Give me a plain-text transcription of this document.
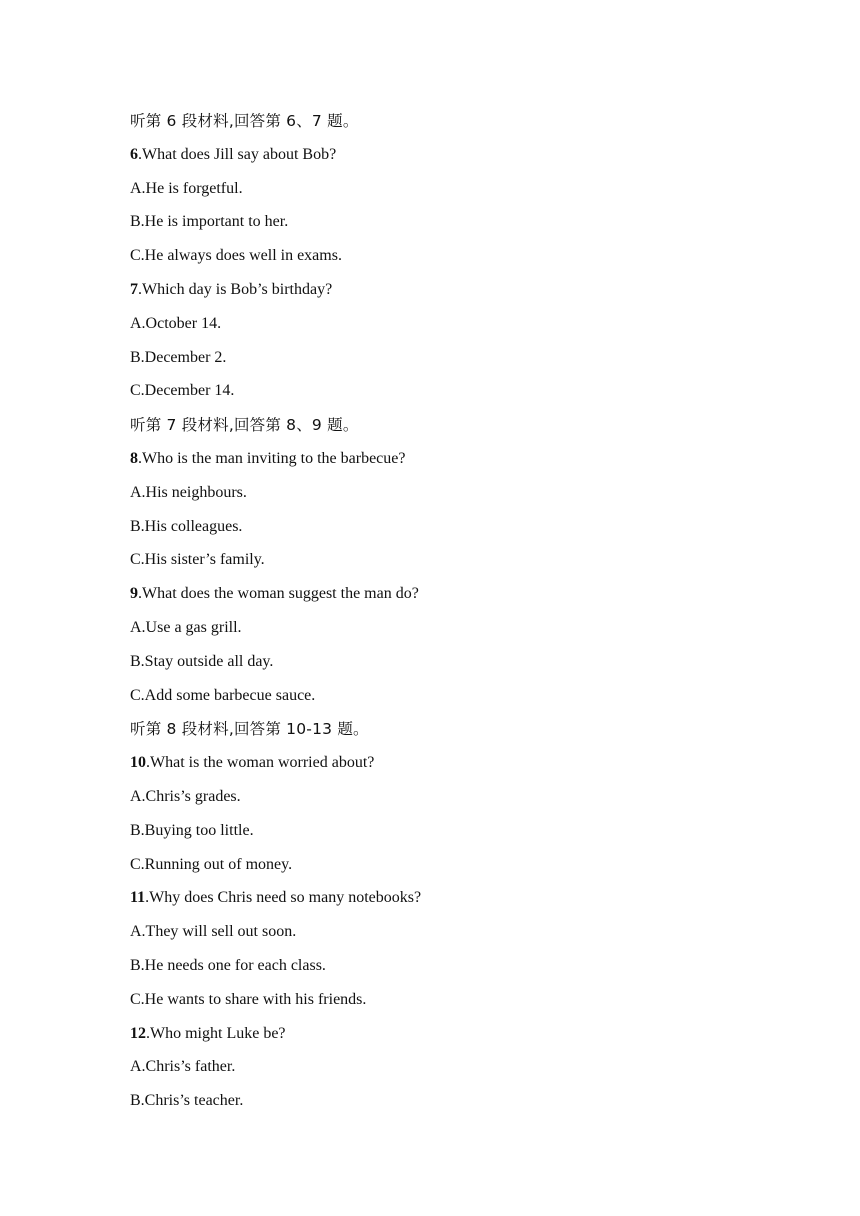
听第 6 段材料,回答第 6、7 题。
6.What does Jill say about Bob?
A.He is forgetful.
B.He is important to her.
C.He always does well in exams.
7.Which day is Bob’s birthday?
A.October 14.
B.December 2.
C.December 14.
听第 7 段材料,回答第 8、9 题。
8.Who is the man inviting to the barbecue?
A.His neighbours.
B.His colleagues.
C.His sister’s family.
9.What does the woman suggest the man do?
A.Use a gas grill.
B.Stay outside all day.
C.Add some barbecue sauce.
听第 8 段材料,回答第 10-13 题。
10.What is the woman worried about?
A.Chris’s grades.
B.Buying too little.
C.Running out of money.
11.Why does Chris need so many notebooks?
A.They will sell out soon.
B.He needs one for each class.
C.He wants to share with his friends.
12.Who might Luke be?
A.Chris’s father.
B.Chris’s teacher.
